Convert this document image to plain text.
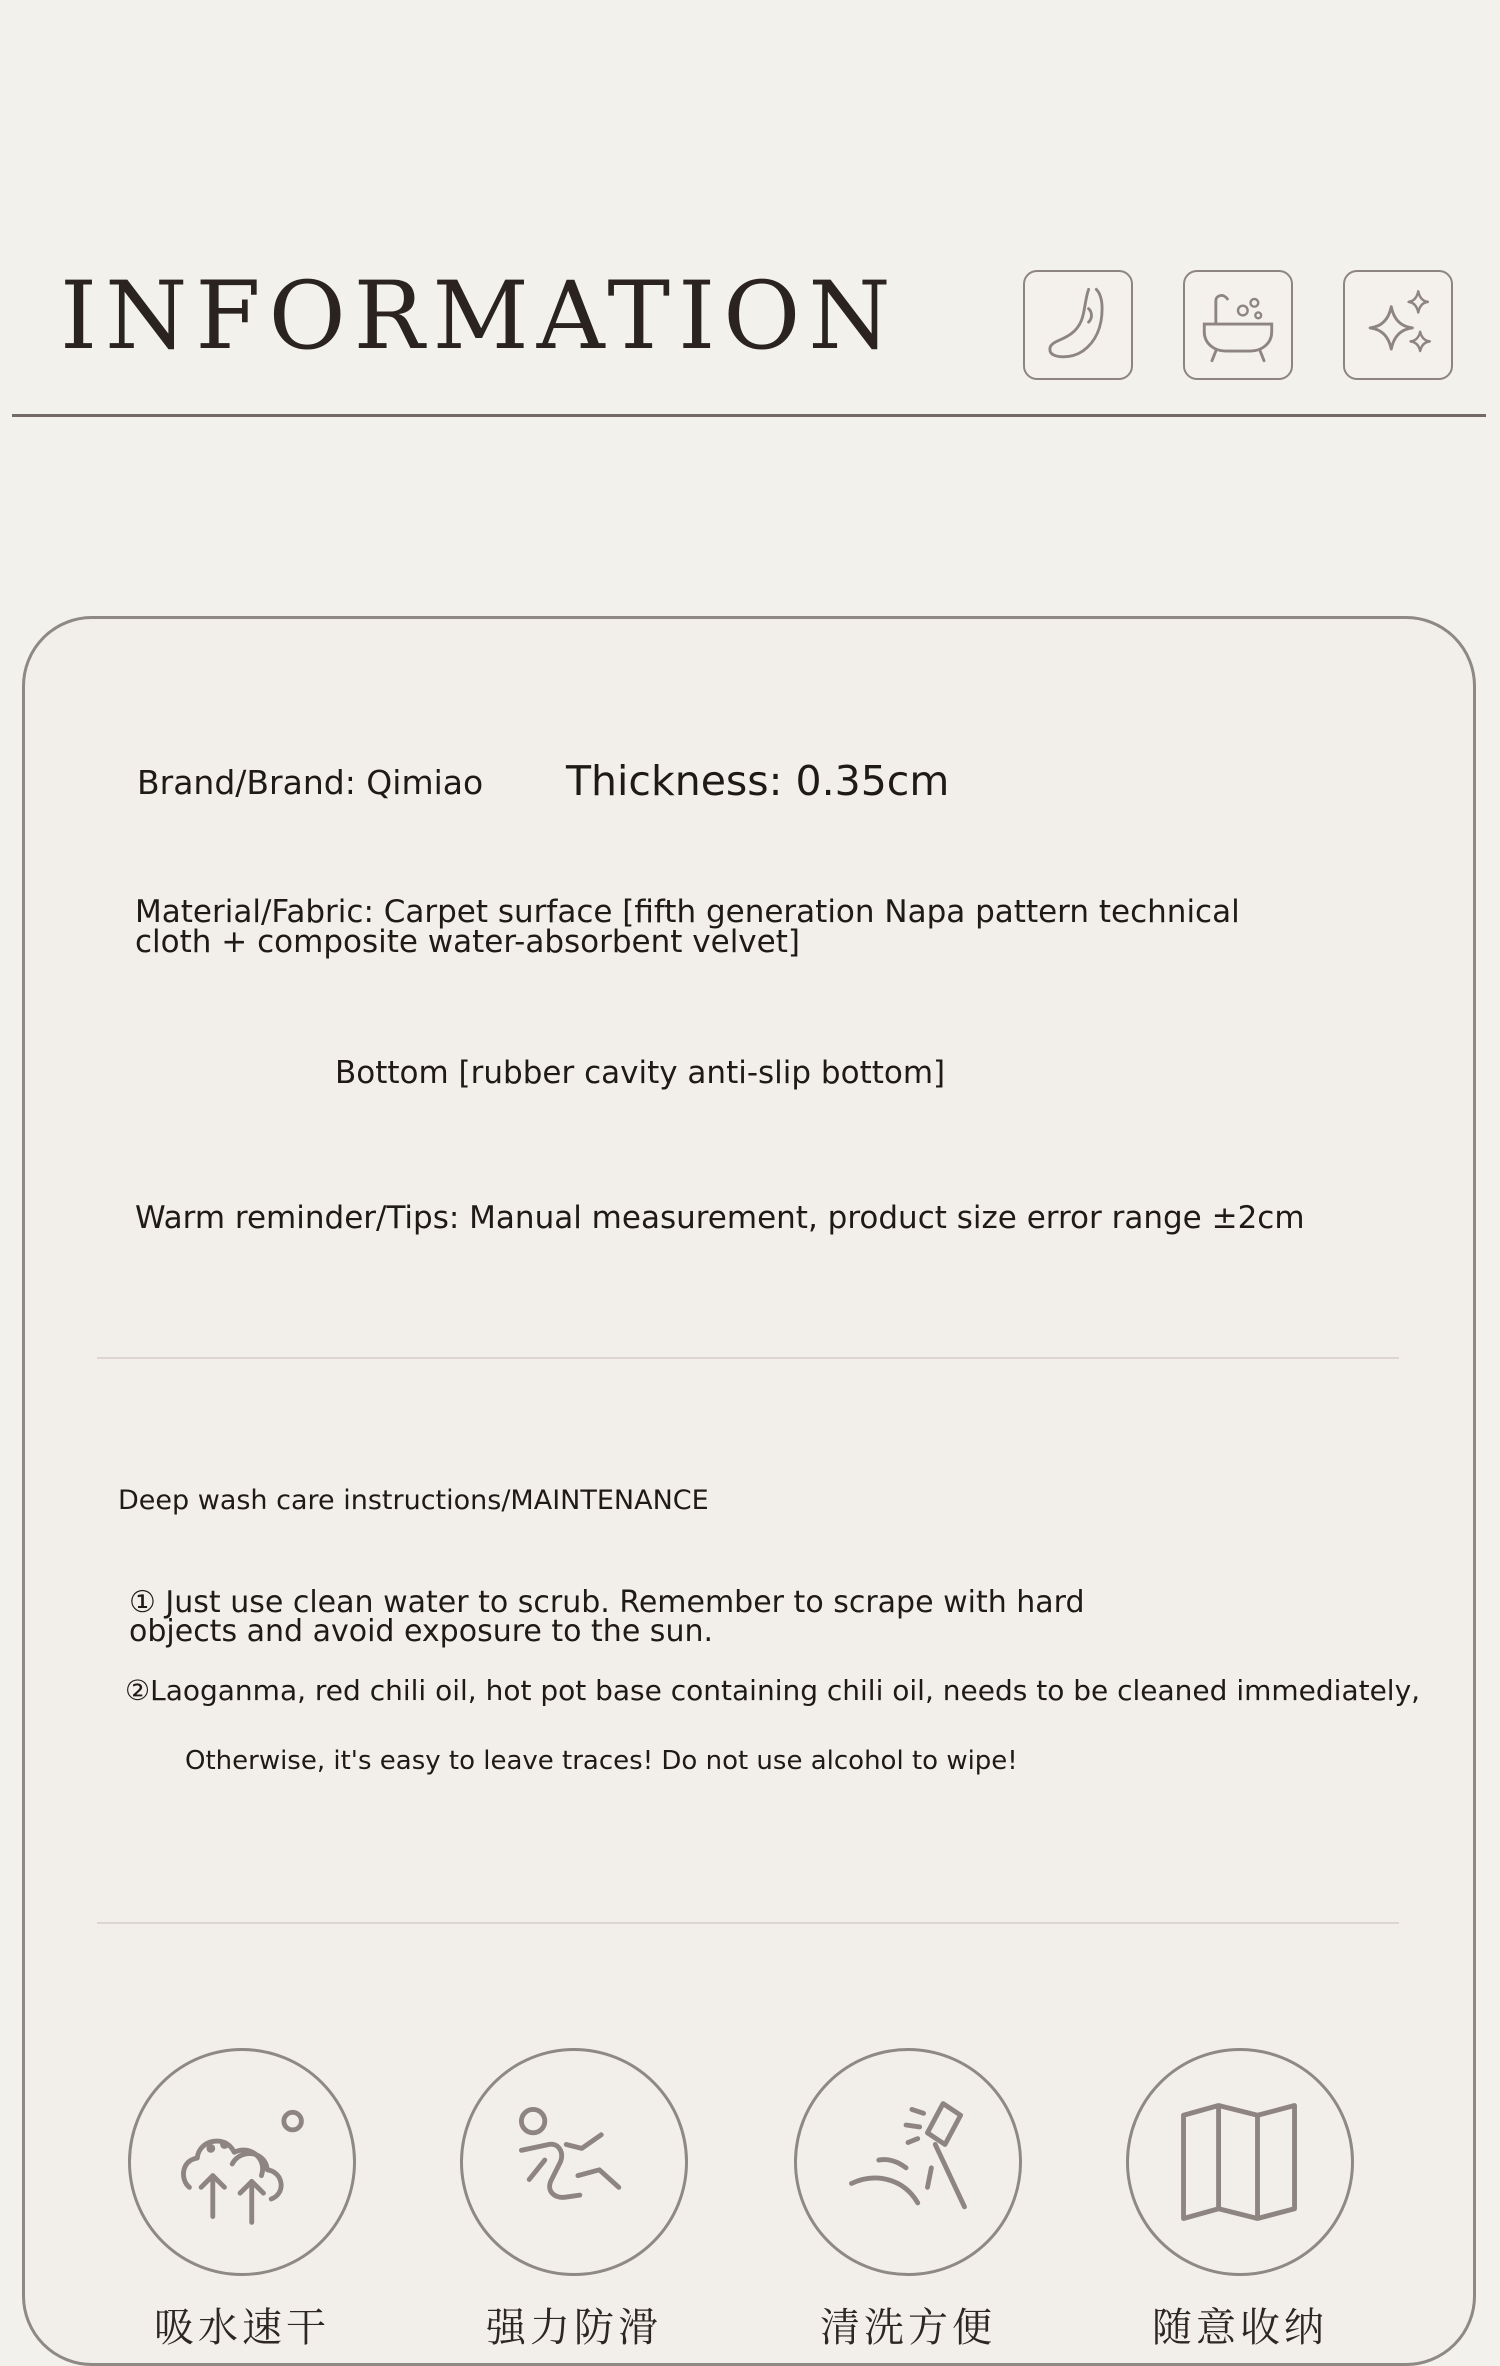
INFORMATION
Brand/Brand: Qimiao Thickness: 0.35cm
Material/Fabric: Carpet surface [fifth generation Napa pattern technical cloth + composite water-absorbent velvet]
Bottom [rubber cavity anti-slip bottom]
Warm reminder/Tips: Manual measurement, product size error range ±2cm
Deep wash care instructions/MAINTENANCE
① Just use clean water to scrub. Remember to scrape with hard objects and avoid exposure to the sun.
②Laoganma, red chili oil, hot pot base containing chili oil, needs to be cleaned immediately,
Otherwise, it's easy to leave traces! Do not use alcohol to wipe!
吸水速干	强力防滑	清洗方便	随意收纳
